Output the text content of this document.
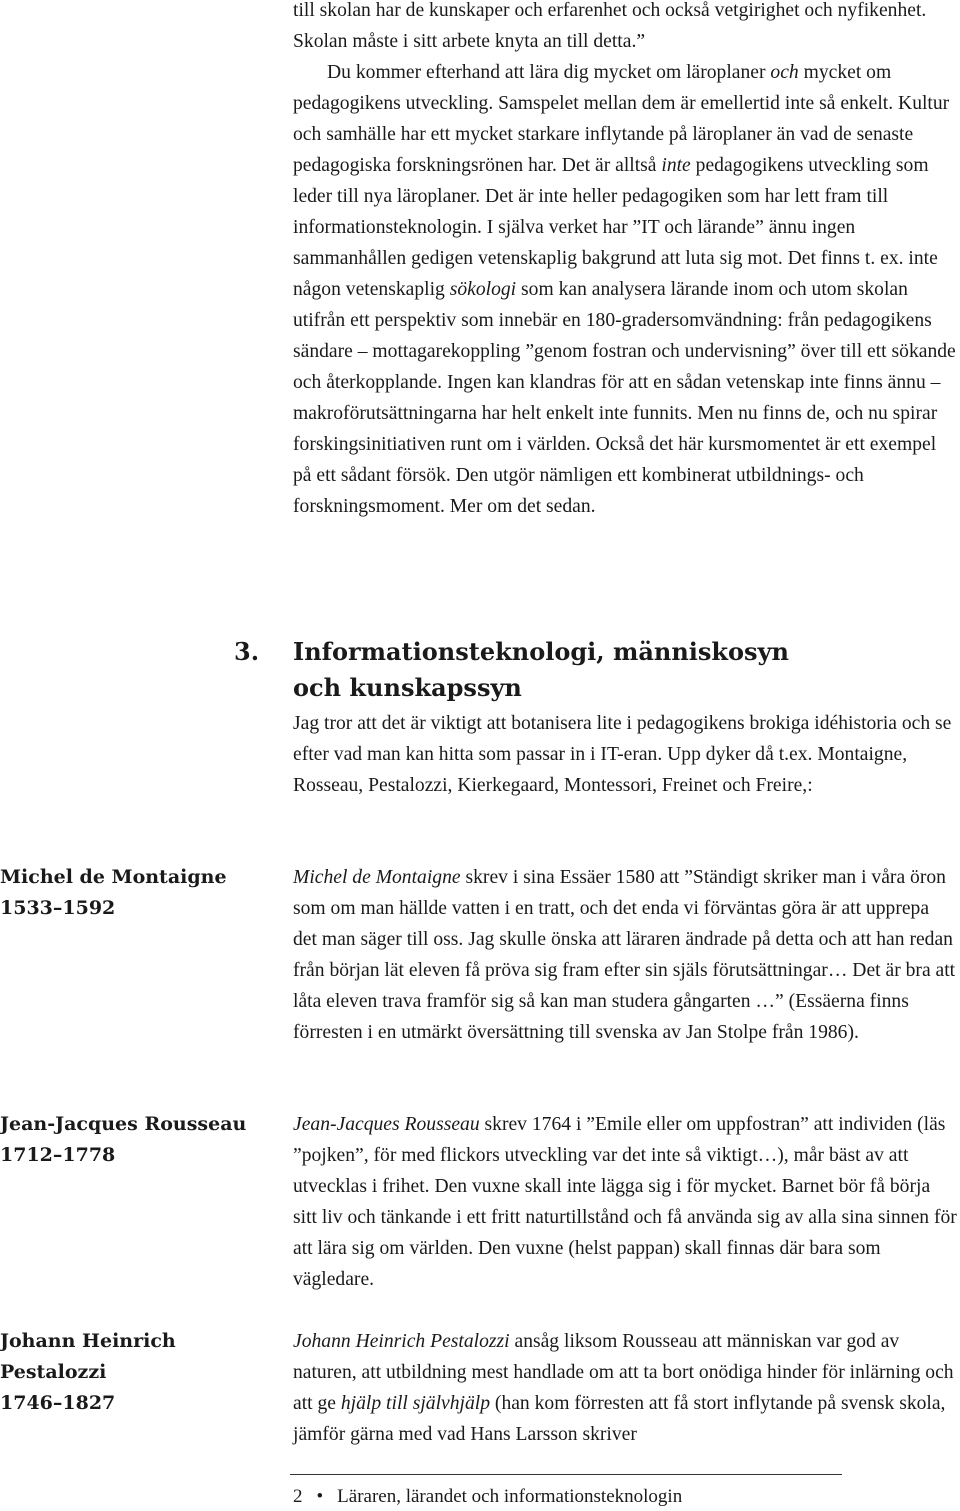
till skolan har de kunskaper och erfarenhet och också vetgirighet och nyfikenhet. Skolan måste i sitt arbete knyta an till detta.”

Du kommer efterhand att lära dig mycket om läroplaner och mycket om pedagogikens utveckling. Samspelet mellan dem är emellertid inte så enkelt. Kultur och samhälle har ett mycket starkare inflytande på läroplaner än vad de senaste pedagogiska forskningsrönen har. Det är alltså inte pedagogikens utveckling som leder till nya läroplaner. Det är inte heller pedagogiken som har lett fram till informationsteknologin. I själva verket har ”IT och lärande” ännu ingen sammanhållen gedigen vetenskaplig bakgrund att luta sig mot. Det finns t. ex. inte någon vetenskaplig sökologi som kan analysera lärande inom och utom skolan utifrån ett perspektiv som innebär en 180-gradersomvändning: från pedagogikens sändare – mottagarekoppling ”genom fostran och undervisning” över till ett sökande och återkopplande. Ingen kan klandras för att en sådan vetenskap inte finns ännu – makroförutsättningarna har helt enkelt inte funnits. Men nu finns de, och nu spirar forskingsinitiativen runt om i världen. Också det här kursmomentet är ett exempel på ett sådant försök. Den utgör nämligen ett kombinerat utbildnings- och forskningsmoment. Mer om det sedan.

3. Informationsteknologi, människosyn
och kunskapssyn

Jag tror att det är viktigt att botanisera lite i pedagogikens brokiga idéhistoria och se efter vad man kan hitta som passar in i IT-eran. Upp dyker då t.ex. Montaigne, Rosseau, Pestalozzi, Kierkegaard, Montessori, Freinet och Freire,:

Michel de Montaigne
1533–1592
Jean-Jacques Rousseau
1712–1778
Johann Heinrich
Pestalozzi
1746–1827

Michel de Montaigne skrev i sina Essäer 1580 att ”Ständigt skriker man i våra öron som om man hällde vatten i en tratt, och det enda vi förväntas göra är att upprepa det man säger till oss. Jag skulle önska att läraren ändrade på detta och att han redan från början lät eleven få pröva sig fram efter sin själs förutsättningar… Det är bra att låta eleven trava framför sig så kan man studera gångarten …” (Essäerna finns förresten i en utmärkt översättning till svenska av Jan Stolpe från 1986).

Jean-Jacques Rousseau skrev 1764 i ”Emile eller om uppfostran” att individen (läs ”pojken”, för med flickors utveckling var det inte så viktigt…), mår bäst av att utvecklas i frihet. Den vuxne skall inte lägga sig i för mycket. Barnet bör få börja sitt liv och tänkande i ett fritt naturtillstånd och få använda sig av alla sina sinnen för att lära sig om världen. Den vuxne (helst pappan) skall finnas där bara som vägledare.

Johann Heinrich Pestalozzi ansåg liksom Rousseau att människan var god av naturen, att utbildning mest handlade om att ta bort onödiga hinder för inlärning och att ge hjälp till självhjälp (han kom förresten att få stort inflytande på svensk skola, jämför gärna med vad Hans Larsson skriver

2 • Läraren, lärandet och informationsteknologin
